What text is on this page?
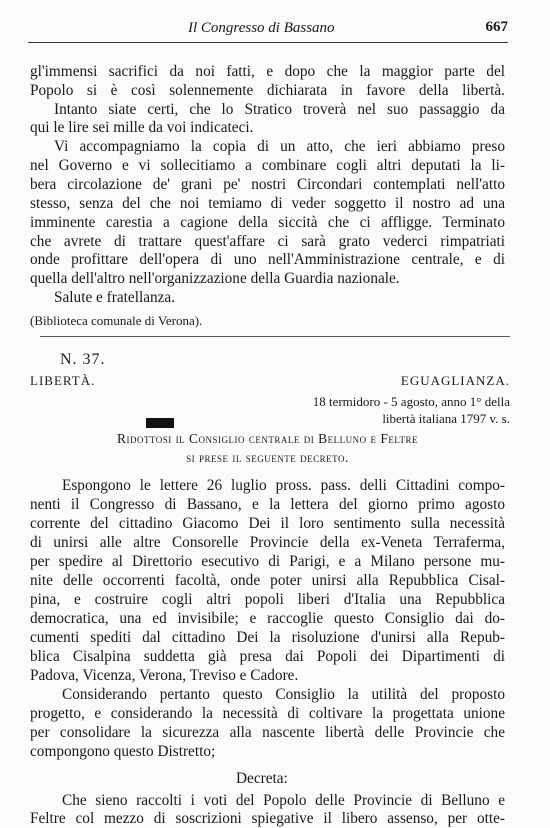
Il Congresso di Bassano	667
gl'immensi sacrifici da noi fatti, e dopo che la maggior parte del
Popolo si è così solennemente dichiarata in favore della libertà.
Intanto siate certi, che lo Stratico troverà nel suo passaggio da
qui le lire sei mille da voi indicateci.
Vi accompagniamo la copia di un atto, che ieri abbiamo preso
nel Governo e vi sollecitiamo a combinare cogli altri deputati la li-
bera circolazione de' grani pe' nostri Circondari contemplati nell'atto
stesso, senza del che noi temiamo di veder soggetto il nostro ad una
imminente carestia a cagione della siccità che ci affligge. Terminato
che avrete di trattare quest'affare ci sarà grato vederci rimpatriati
onde profittare dell'opera di uno nell'Amministrazione centrale, e di
quella dell'altro nell'organizzazione della Guardia nazionale.
Salute e fratellanza.
(Biblioteca comunale di Verona).
N. 37.
LIBERTÀ.	EGUAGLIANZA.
18 termidoro - 5 agosto, anno 1° della
libertà italiana 1797 v. s.
Ridottosi il Consiglio centrale di Belluno e Feltre
si prese il seguente decreto.
Espongono le lettere 26 luglio pross. pass. delli Cittadini compo-
nenti il Congresso di Bassano, e la lettera del giorno primo agosto
corrente del cittadino Giacomo Dei il loro sentimento sulla necessità
di unirsi alle altre Consorelle Provincie della ex-Veneta Terraferma,
per spedire al Direttorio esecutivo di Parigi, e a Milano persone mu-
nite delle occorrenti facoltà, onde poter unirsi alla Repubblica Cisal-
pina, e costruire cogli altri popoli liberi d'Italia una Repubblica
democratica, una ed invisibile; e raccoglie questo Consiglio dai do-
cumenti spediti dal cittadino Dei la risoluzione d'unirsi alla Repub-
blica Cisalpina suddetta già presa dai Popoli dei Dipartimenti di
Padova, Vicenza, Verona, Treviso e Cadore.
Considerando pertanto questo Consiglio la utilità del proposto
progetto, e considerando la necessità di coltivare la progettata unione
per consolidare la sicurezza alla nascente libertà delle Provincie che
compongono questo Distretto;
Decreta:
Che sieno raccolti i voti del Popolo delle Provincie di Belluno e
Feltre col mezzo di soscrizioni spiegative il libero assenso, per otte-
